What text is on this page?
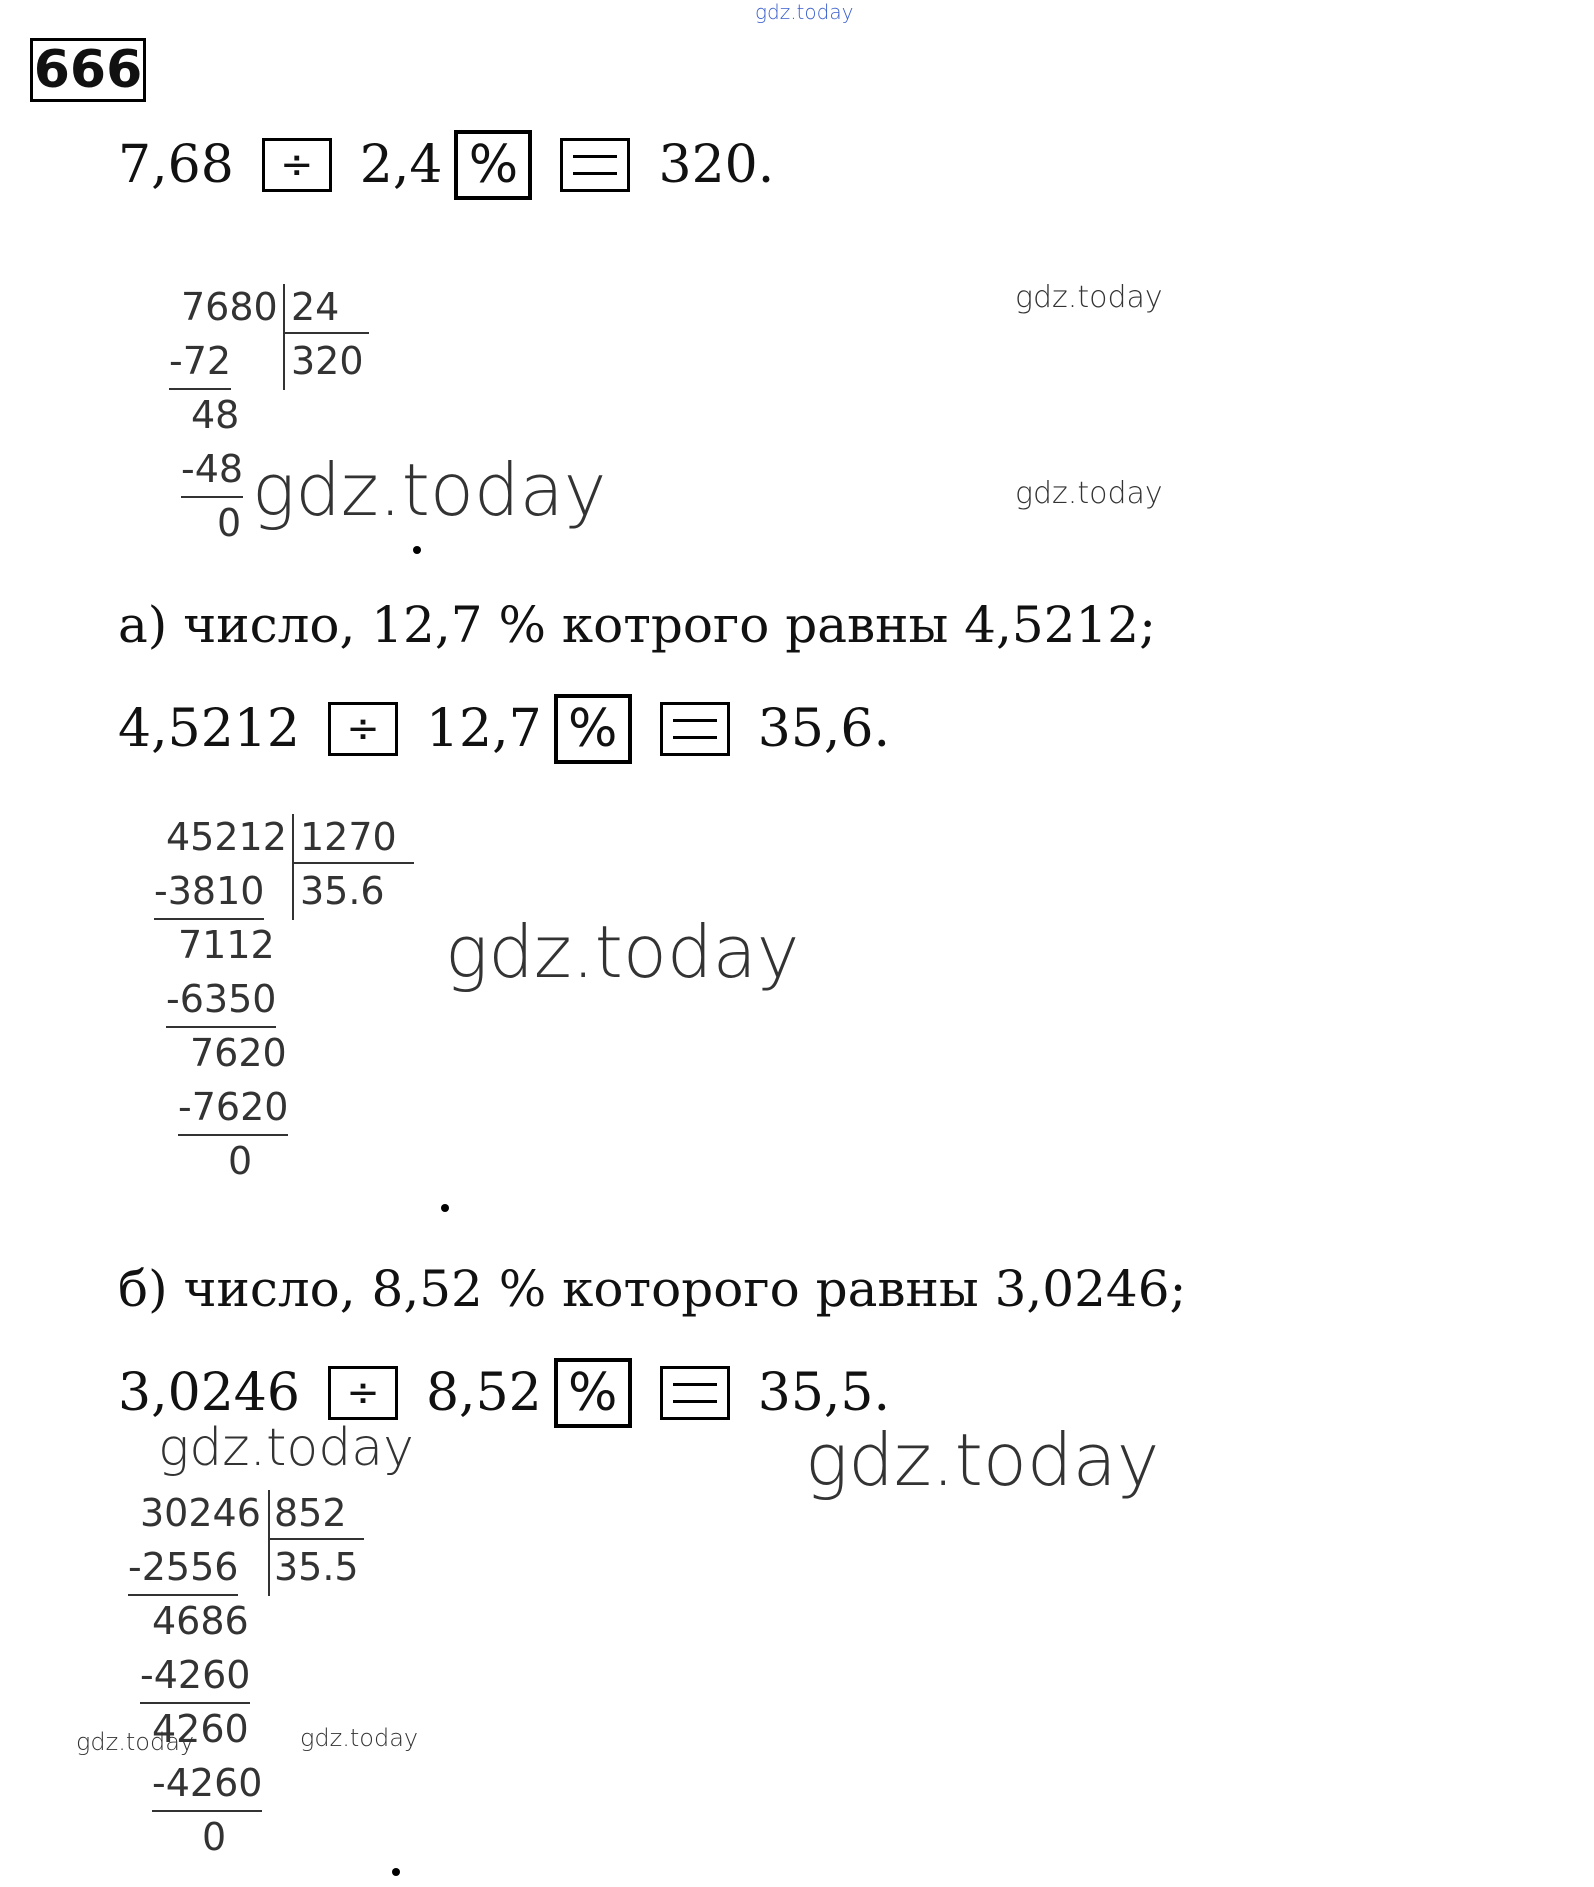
gdz.today
666
7,68	÷ 2,4 %	320.
7680 24
320
-72
48
-48
0 gdz.today
gdz.today
gdz.today
а) число, 12,7 % котрого равны 4,5212;
4,5212	÷ 12,7 %	35,6.
45212 1270
35.6
-3810
7112
-6350
7620
-7620
0
gdz.today
б) число, 8,52 % которого равны 3,0246;
3,0246	÷ 8,52 %	35,5.
gdz.today	gdz.today
30246 852
35.5
-2556
4686
-4260
4260
-4260
0
gdz.today	gdz.today
